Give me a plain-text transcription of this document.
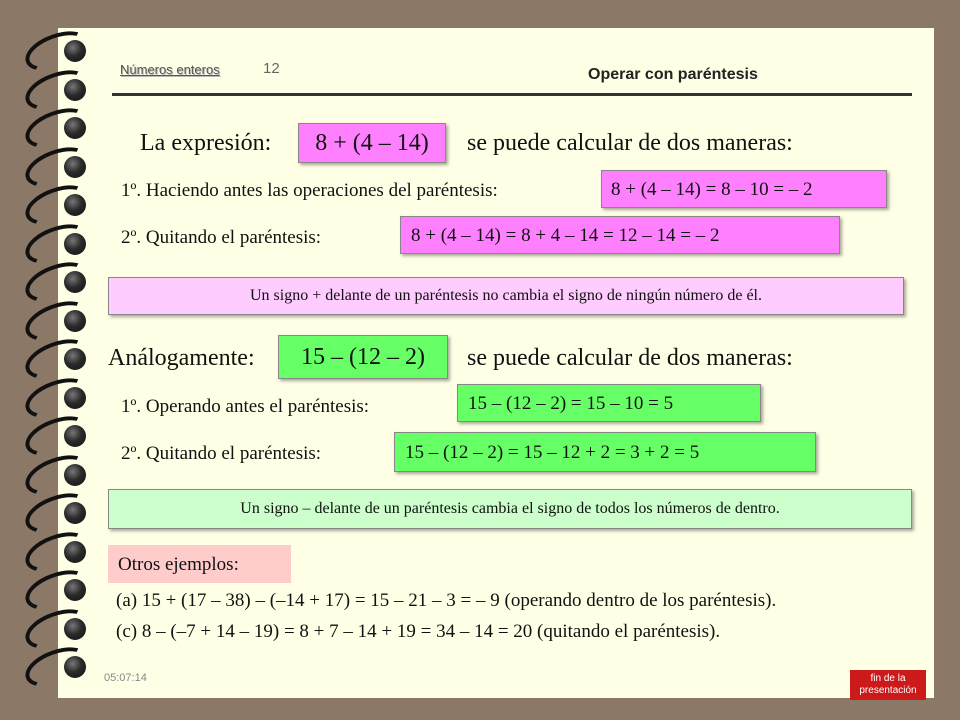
Números enteros	12	Operar con paréntesis
La expresión:	8 + (4 – 14)	se puede calcular de dos maneras:
1º. Haciendo antes las operaciones del paréntesis:	8 + (4 – 14) = 8 – 10 = – 2
2º. Quitando el paréntesis:	8 + (4 – 14) = 8 + 4 – 14 = 12 – 14 = – 2
Un signo + delante de un paréntesis no cambia el signo de ningún número de él.
Análogamente:	15 – (12 – 2)	se puede calcular de dos maneras:
1º. Operando antes el paréntesis:	15 – (12 – 2) = 15 – 10 = 5
2º. Quitando el paréntesis:	15 – (12 – 2) = 15 – 12 + 2 = 3 + 2 = 5
Un signo – delante de un paréntesis cambia el signo de todos los números de dentro.
Otros ejemplos:
(a) 15 + (17 – 38) – (–14 + 17) = 15 – 21 – 3 = – 9 (operando dentro de los paréntesis).
(c) 8 – (–7 + 14 – 19) = 8 + 7 – 14 + 19 = 34 – 14 = 20 (quitando el paréntesis).
05:07:14	fin de la
presentación
